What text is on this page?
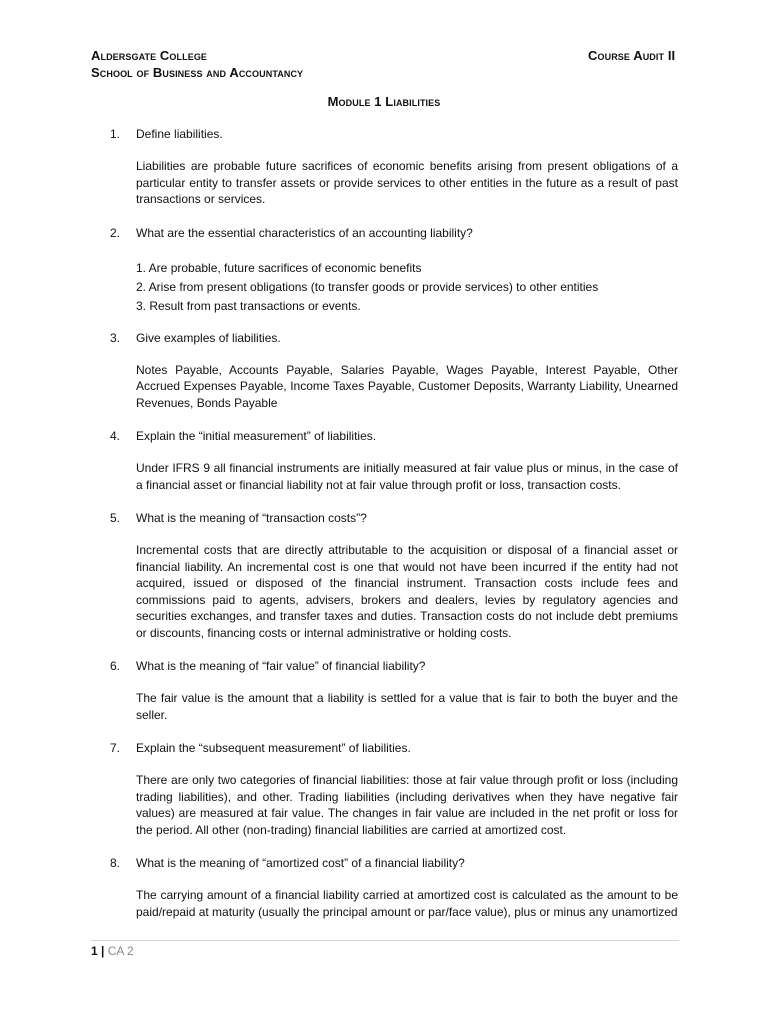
Aldersgate College
School of Business and Accountancy
Course Audit II
Module 1 Liabilities
1.	Define liabilities.
Liabilities are probable future sacrifices of economic benefits arising from present obligations of a particular entity to transfer assets or provide services to other entities in the future as a result of past transactions or services.
2.	What are the essential characteristics of an accounting liability?
1. Are probable, future sacrifices of economic benefits
2. Arise from present obligations (to transfer goods or provide services) to other entities
3. Result from past transactions or events.
3.	Give examples of liabilities.
Notes Payable, Accounts Payable, Salaries Payable, Wages Payable, Interest Payable, Other Accrued Expenses Payable, Income Taxes Payable, Customer Deposits, Warranty Liability, Unearned Revenues, Bonds Payable
4.	Explain the “initial measurement” of liabilities.
Under IFRS 9 all financial instruments are initially measured at fair value plus or minus, in the case of a financial asset or financial liability not at fair value through profit or loss, transaction costs.
5.	What is the meaning of “transaction costs”?
Incremental costs that are directly attributable to the acquisition or disposal of a financial asset or financial liability. An incremental cost is one that would not have been incurred if the entity had not acquired, issued or disposed of the financial instrument. Transaction costs include fees and commissions paid to agents, advisers, brokers and dealers, levies by regulatory agencies and securities exchanges, and transfer taxes and duties. Transaction costs do not include debt premiums or discounts, financing costs or internal administrative or holding costs.
6.	What is the meaning of “fair value” of financial liability?
The fair value is the amount that a liability is settled for a value that is fair to both the buyer and the seller.
7.	Explain the “subsequent measurement” of liabilities.
There are only two categories of financial liabilities: those at fair value through profit or loss (including trading liabilities), and other. Trading liabilities (including derivatives when they have negative fair values) are measured at fair value. The changes in fair value are included in the net profit or loss for the period. All other (non-trading) financial liabilities are carried at amortized cost.
8.	What is the meaning of “amortized cost” of a financial liability?
The carrying amount of a financial liability carried at amortized cost is calculated as the amount to be paid/repaid at maturity (usually the principal amount or par/face value), plus or minus any unamortized
1 | CA 2
